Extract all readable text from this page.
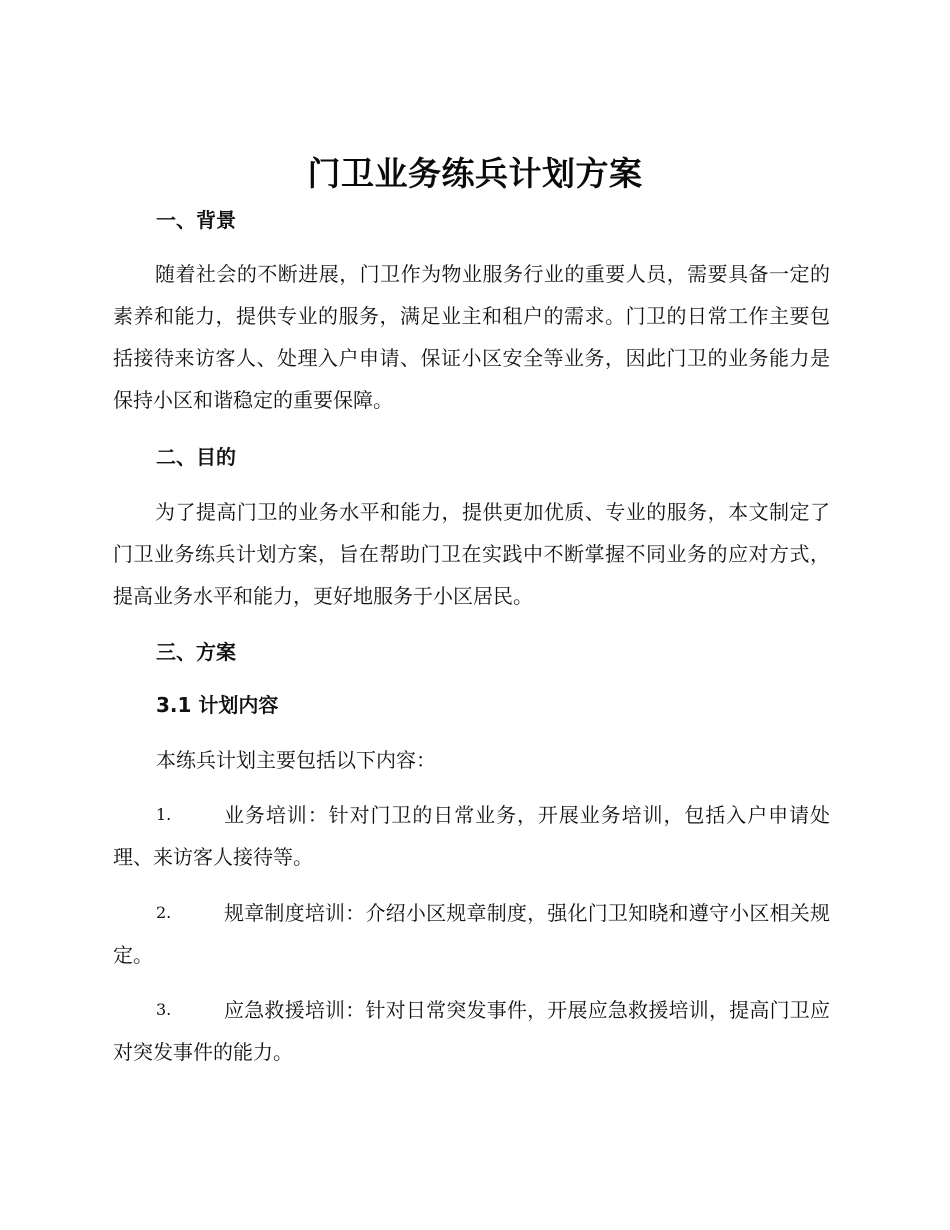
门卫业务练兵计划方案
一、背景

随着社会的不断进展，门卫作为物业服务行业的重要人员，需要具备一定的素养和能力，提供专业的服务，满足业主和租户的需求。门卫的日常工作主要包括接待来访客人、处理入户申请、保证小区安全等业务，因此门卫的业务能力是保持小区和谐稳定的重要保障。

二、目的

为了提高门卫的业务水平和能力，提供更加优质、专业的服务，本文制定了门卫业务练兵计划方案，旨在帮助门卫在实践中不断掌握不同业务的应对方式，提高业务水平和能力，更好地服务于小区居民。

三、方案
3.1 计划内容
本练兵计划主要包括以下内容：
1.	业务培训：针对门卫的日常业务，开展业务培训，包括入户申请处理、来访客人接待等。
2.	规章制度培训：介绍小区规章制度，强化门卫知晓和遵守小区相关规定。
3.	应急救援培训：针对日常突发事件，开展应急救援培训，提高门卫应对突发事件的能力。
